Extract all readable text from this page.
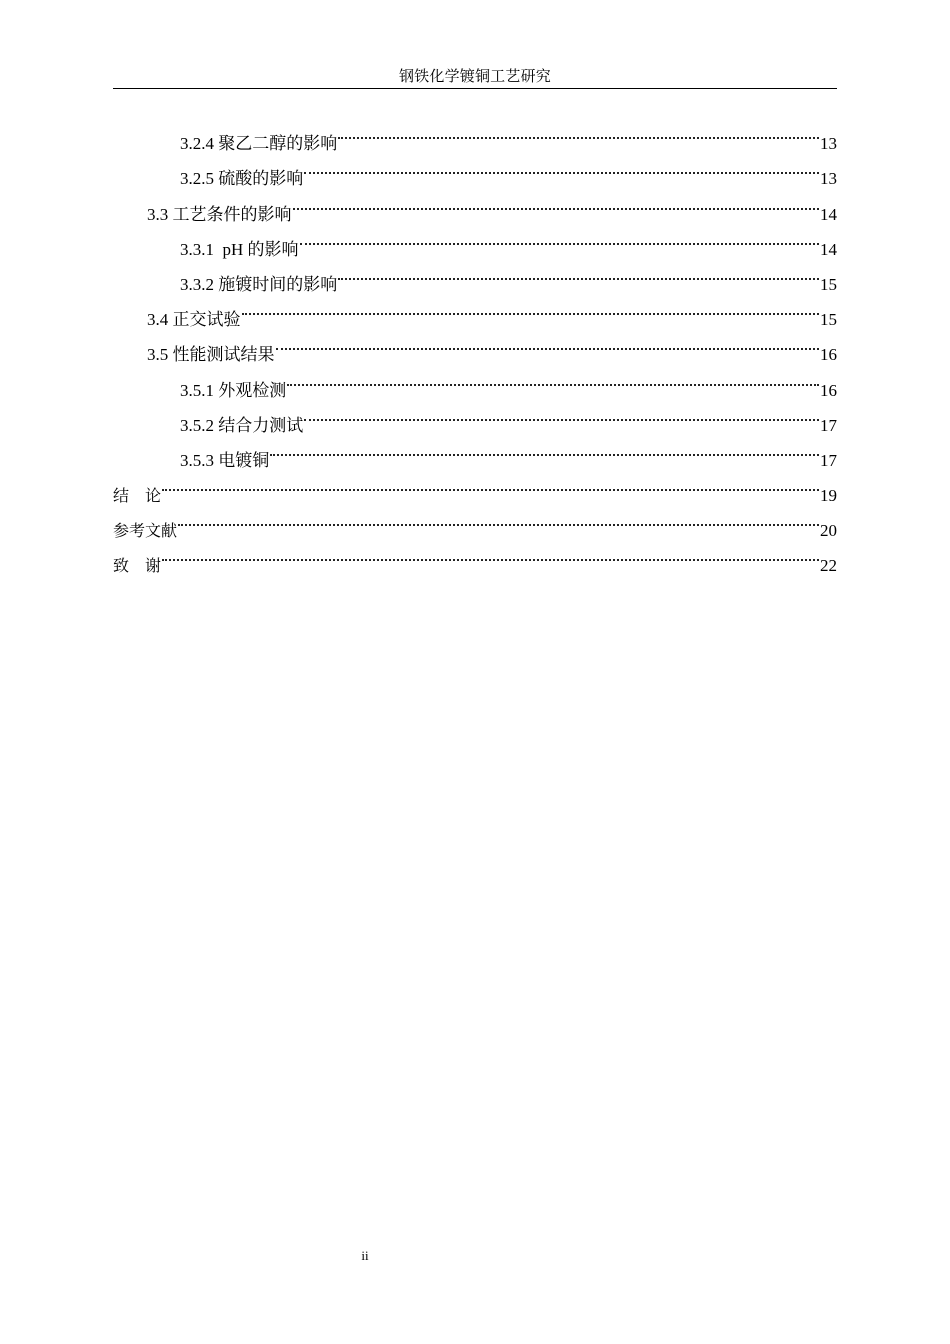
钢铁化学镀铜工艺研究
3.2.4 聚乙二醇的影响	13
3.2.5 硫酸的影响	13
3.3 工艺条件的影响	14
3.3.1  pH 的影响	14
3.3.2 施镀时间的影响	15
3.4 正交试验	15
3.5 性能测试结果	16
3.5.1 外观检测	16
3.5.2 结合力测试	17
3.5.3 电镀铜	17
结　论	19
参考文献	20
致　谢	22
ii
